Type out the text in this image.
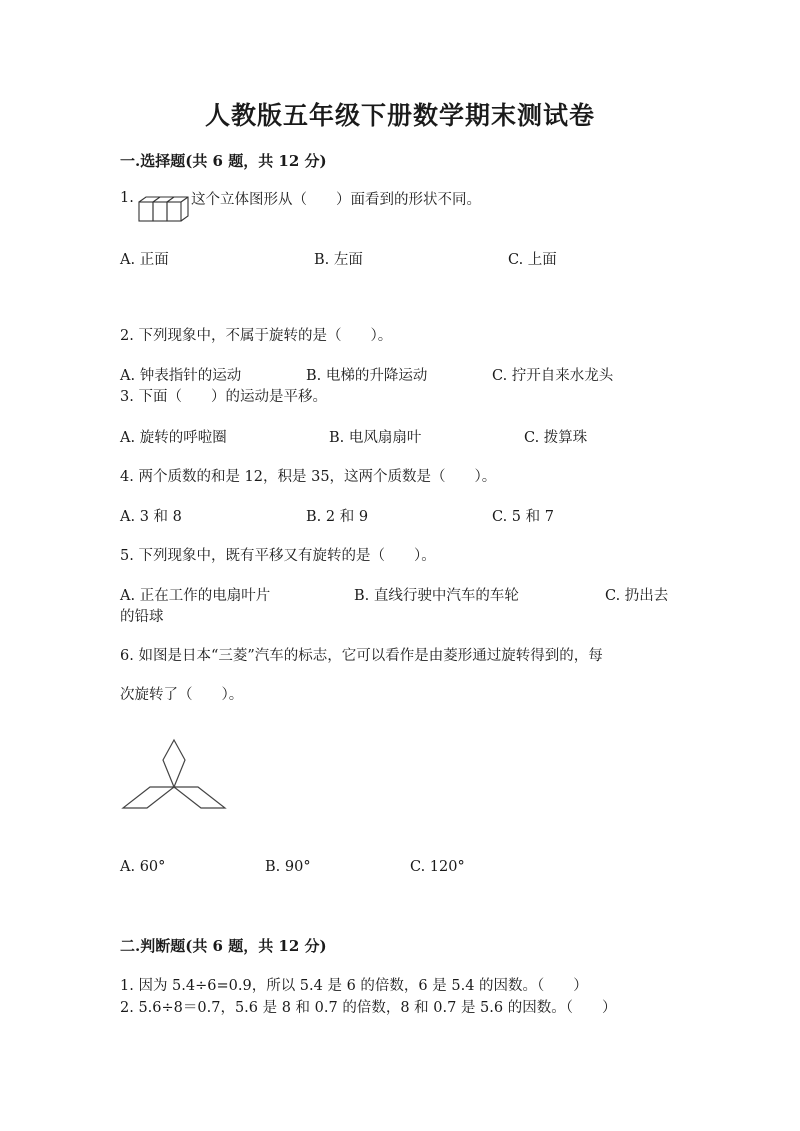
人教版五年级下册数学期末测试卷
一.选择题(共 6 题，共 12 分)
1.	这个立体图形从（　　）面看到的形状不同。
A. 正面	B. 左面	C. 上面
2. 下列现象中，不属于旋转的是（　　）。
A. 钟表指针的运动	B. 电梯的升降运动	C. 拧开自来水龙头
3. 下面（　　）的运动是平移。
A. 旋转的呼啦圈	B. 电风扇扇叶	C. 拨算珠
4. 两个质数的和是 12，积是 35，这两个质数是（　　）。
A. 3 和 8	B. 2 和 9	C. 5 和 7
5. 下列现象中，既有平移又有旋转的是（　　）。
A. 正在工作的电扇叶片	B. 直线行驶中汽车的车轮	C. 扔出去
的铅球
6. 如图是日本“三菱”汽车的标志，它可以看作是由菱形通过旋转得到的，每
次旋转了（　　）。
A. 60°	B. 90°	C. 120°
二.判断题(共 6 题，共 12 分)
1. 因为 5.4÷6=0.9，所以 5.4 是 6 的倍数，6 是 5.4 的因数。（　　）
2. 5.6÷8＝0.7，5.6 是 8 和 0.7 的倍数，8 和 0.7 是 5.6 的因数。（　　）
